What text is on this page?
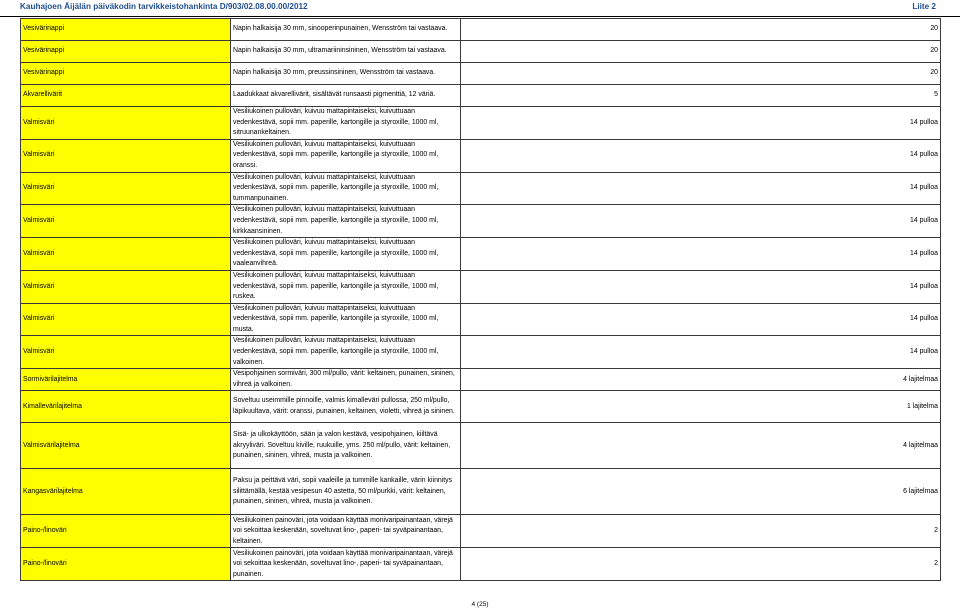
Kauhajoen Äijälän päiväkodin tarvikkeistohankinta D/903/02.08.00.00/2012	Liite 2
Vesivärinappi	Napin halkaisija 30 mm, sinooperinpunainen, Wensström tai vastaava.	20
Vesivärinappi	Napin halkaisija 30 mm, ultramariininsininen, Wensström tai vastaava.	20
Vesivärinappi	Napin halkaisija 30 mm, preussinsininen, Wensström tai vastaava.	20
Akvarellivärit	Laadukkaat akvarellivärit, sisältävät runsaasti pigmenttiä, 12 väriä.	5
Valmisväri	Vesiliukoinen pulloväri, kuivuu mattapintaiseksi, kuivuttuaan vedenkestävä, sopii mm. paperille, kartongille ja styroxille, 1000 ml, sitruunankeltainen.	14 pulloa
Valmisväri	Vesiliukoinen pulloväri, kuivuu mattapintaiseksi, kuivuttuaan vedenkestävä, sopii mm. paperille, kartongille ja styroxille, 1000 ml, oranssi.	14 pulloa
Valmisväri	Vesiliukoinen pulloväri, kuivuu mattapintaiseksi, kuivuttuaan vedenkestävä, sopii mm. paperille, kartongille ja styroxille, 1000 ml, tummanpunainen.	14 pulloa
Valmisväri	Vesiliukoinen pulloväri, kuivuu mattapintaiseksi, kuivuttuaan vedenkestävä, sopii mm. paperille, kartongille ja styroxille, 1000 ml, kirkkaansininen.	14 pulloa
Valmisväri	Vesiliukoinen pulloväri, kuivuu mattapintaiseksi, kuivuttuaan vedenkestävä, sopii mm. paperille, kartongille ja styroxille, 1000 ml, vaaleanvihreä.	14 pulloa
Valmisväri	Vesiliukoinen pulloväri, kuivuu mattapintaiseksi, kuivuttuaan vedenkestävä, sopii mm. paperille, kartongille ja styroxille, 1000 ml, ruskea.	14 pulloa
Valmisväri	Vesiliukoinen pulloväri, kuivuu mattapintaiseksi, kuivuttuaan vedenkestävä, sopii mm. paperille, kartongille ja styroxille, 1000 ml, musta.	14 pulloa
Valmisväri	Vesiliukoinen pulloväri, kuivuu mattapintaiseksi, kuivuttuaan vedenkestävä, sopii mm. paperille, kartongille ja styroxille, 1000 ml, valkoinen.	14 pulloa
Sormivärilajitelma	Vesipohjainen sormiväri, 300 ml/pullo, värit: keltainen, punainen, sininen, vihreä ja valkoinen.	4 lajitelmaa
Kimallevärilajitelma	Soveltuu useimmille pinnoille, valmis kimalleväri pullossa, 250 ml/pullo, läpikuultava, värit: oranssi, punainen, keltainen, violetti, vihreä ja sininen.	1 lajitelma
Valmisvärilajitelma	Sisä- ja ulkokäyttöön, sään ja valon kestävä, vesipohjainen, kiiltävä akryyliväri. Soveltuu kiville, ruukuille, yms. 250 ml/pullo, värit: keltainen, punainen, sininen, vihreä, musta ja valkoinen.	4 lajitelmaa
Kangasvärilajitelma	Paksu ja peittävä väri, sopii vaaleille ja tummille kankaille, värin kiinnitys silittämällä, kestää vesipesun 40 astetta, 50 ml/purkki, värit: keltainen, punainen, sininen, vihreä, musta ja valkoinen.	6 lajitelmaa
Paino-/linoväri	Vesiliukoinen painoväri, jota voidaan käyttää monivaripainantaan, värejä voi sekoittaa keskenään, soveltuvat lino-, paperi- tai syväpainantaan, keltainen.	2
Paino-/linoväri	Vesiliukoinen painoväri, jota voidaan käyttää monivaripainantaan, värejä voi sekoittaa keskenään, soveltuvat lino-, paperi- tai syväpainantaan, punainen.	2
4 (25)
